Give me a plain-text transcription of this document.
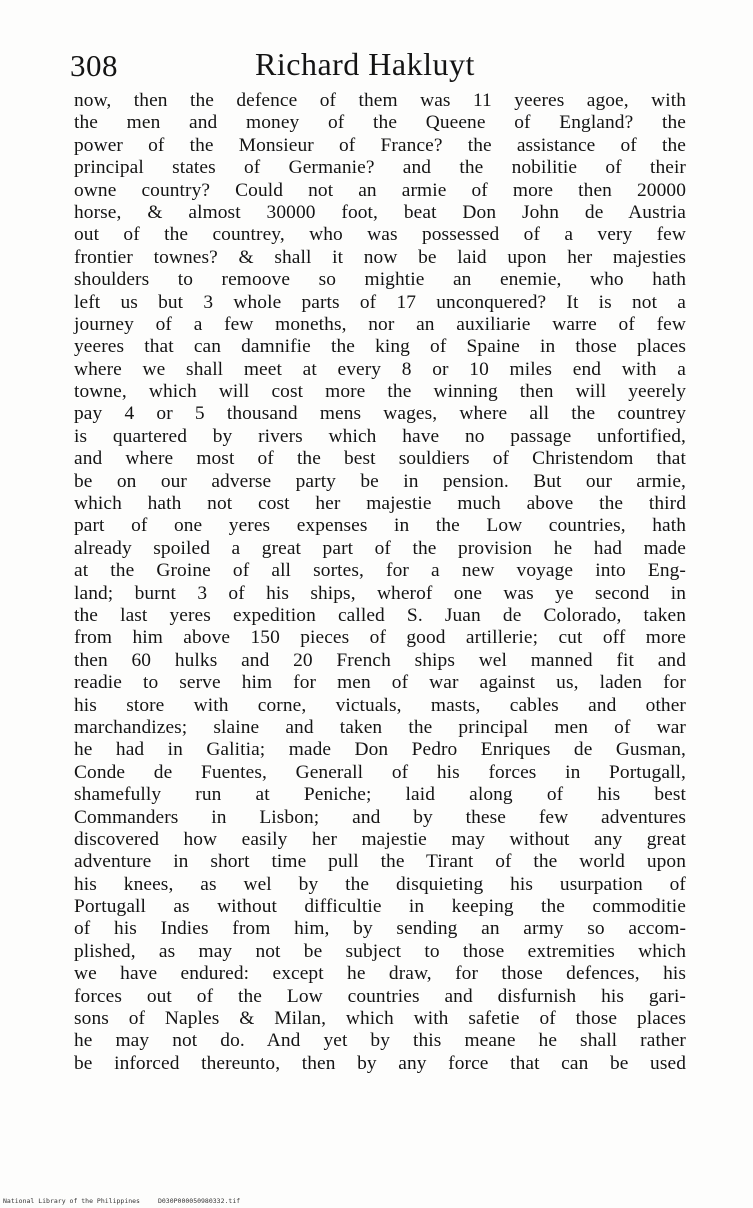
308	Richard Hakluyt
now, then the defence of them was 11 yeeres agoe, with
the men and money of the Queene of England? the
power of the Monsieur of France? the assistance of the
principal states of Germanie? and the nobilitie of their
owne country? Could not an armie of more then 20000
horse, & almost 30000 foot, beat Don John de Austria
out of the countrey, who was possessed of a very few
frontier townes? & shall it now be laid upon her majesties
shoulders to remoove so mightie an enemie, who hath
left us but 3 whole parts of 17 unconquered? It is not a
journey of a few moneths, nor an auxiliarie warre of few
yeeres that can damnifie the king of Spaine in those places
where we shall meet at every 8 or 10 miles end with a
towne, which will cost more the winning then will yeerely
pay 4 or 5 thousand mens wages, where all the countrey
is quartered by rivers which have no passage unfortified,
and where most of the best souldiers of Christendom that
be on our adverse party be in pension. But our armie,
which hath not cost her majestie much above the third
part of one yeres expenses in the Low countries, hath
already spoiled a great part of the provision he had made
at the Groine of all sortes, for a new voyage into Eng-
land; burnt 3 of his ships, wherof one was ye second in
the last yeres expedition called S. Juan de Colorado, taken
from him above 150 pieces of good artillerie; cut off more
then 60 hulks and 20 French ships wel manned fit and
readie to serve him for men of war against us, laden for
his store with corne, victuals, masts, cables and other
marchandizes; slaine and taken the principal men of war
he had in Galitia; made Don Pedro Enriques de Gusman,
Conde de Fuentes, Generall of his forces in Portugall,
shamefully run at Peniche; laid along of his best
Commanders in Lisbon; and by these few adventures
discovered how easily her majestie may without any great
adventure in short time pull the Tirant of the world upon
his knees, as wel by the disquieting his usurpation of
Portugall as without difficultie in keeping the commoditie
of his Indies from him, by sending an army so accom-
plished, as may not be subject to those extremities which
we have endured: except he draw, for those defences, his
forces out of the Low countries and disfurnish his gari-
sons of Naples & Milan, which with safetie of those places
he may not do. And yet by this meane he shall rather
be inforced thereunto, then by any force that can be used
National Library of the Philippines	D030P000050980332.tif
